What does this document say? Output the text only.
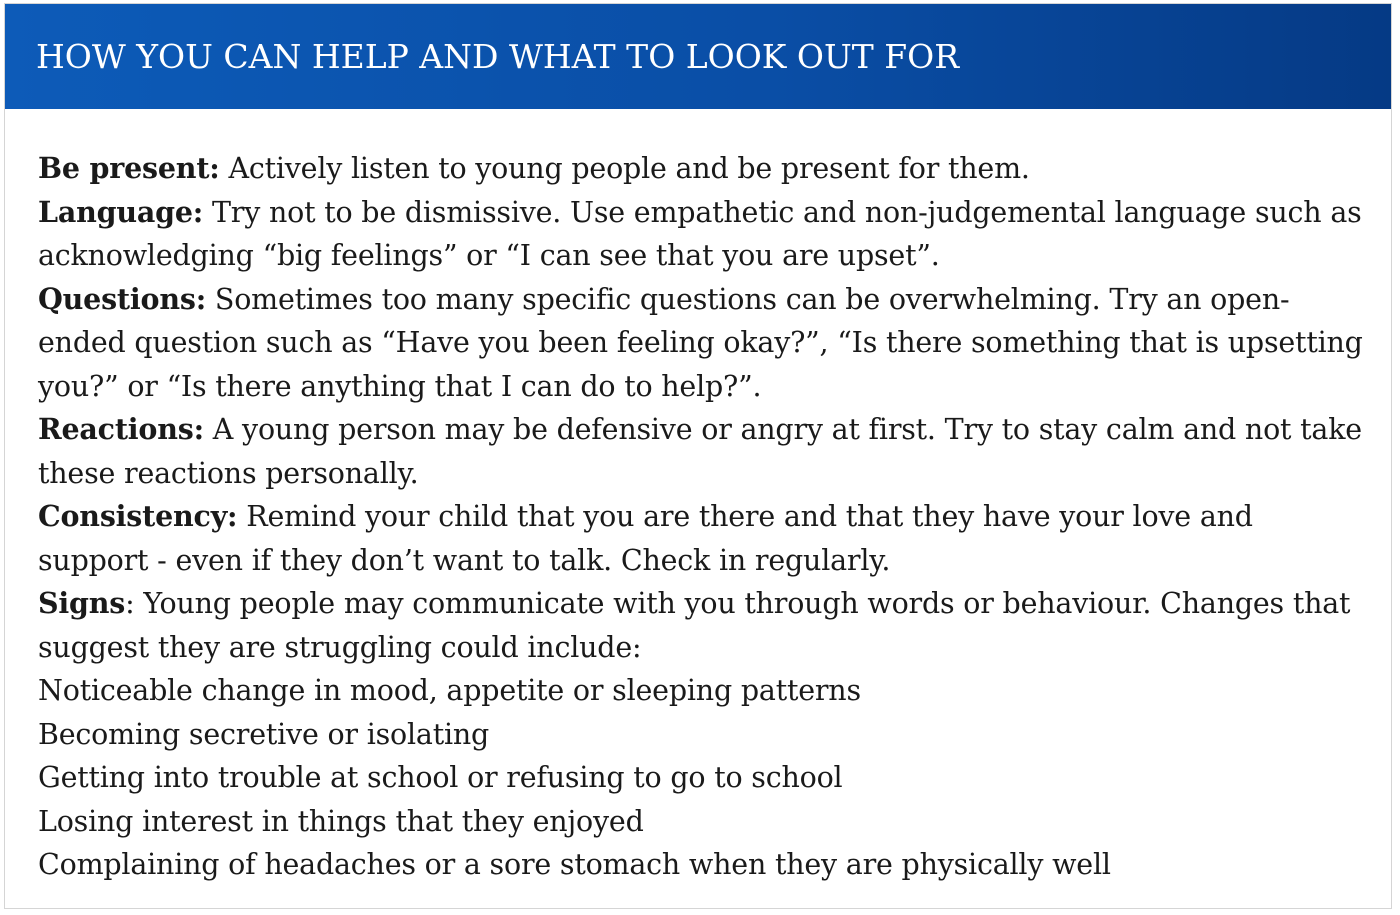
HOW YOU CAN HELP AND WHAT TO LOOK OUT FOR

Be present: Actively listen to young people and be present for them.

Language: Try not to be dismissive. Use empathetic and non-judgemental language such as acknowledging “big feelings” or “I can see that you are upset”.

Questions: Sometimes too many specific questions can be overwhelming. Try an open-ended question such as “Have you been feeling okay?”, “Is there something that is upsetting you?” or “Is there anything that I can do to help?”.

Reactions: A young person may be defensive or angry at first. Try to stay calm and not take these reactions personally.

Consistency: Remind your child that you are there and that they have your love and support - even if they don’t want to talk. Check in regularly.

Signs: Young people may communicate with you through words or behaviour. Changes that suggest they are struggling could include:

Noticeable change in mood, appetite or sleeping patterns

Becoming secretive or isolating

Getting into trouble at school or refusing to go to school

Losing interest in things that they enjoyed

Complaining of headaches or a sore stomach when they are physically well
